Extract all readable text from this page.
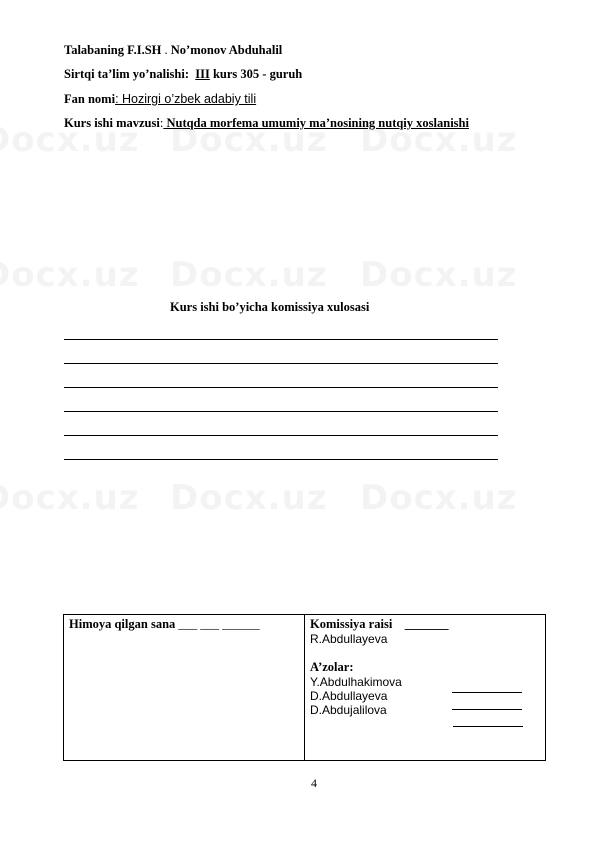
Talabaning F.I.SH . No’monov Abduhalil
Sirtqi ta’lim yo’nalishi: III kurs 305 - guruh
Fan nomi: Hozirgi o’zbek adabiy tili
Kurs ishi mavzusi: Nutqda morfema umumiy ma’nosining nutqiy xoslanishi
Kurs ishi bo’yicha komissiya xulosasi
Himoya qilgan sana ___ ___ ______	Komissiya raisi _______
R.Abdullayeva
A’zolar:
Y.Abdulhakimova
D.Abdullayeva
D.Abdujalilova
4
